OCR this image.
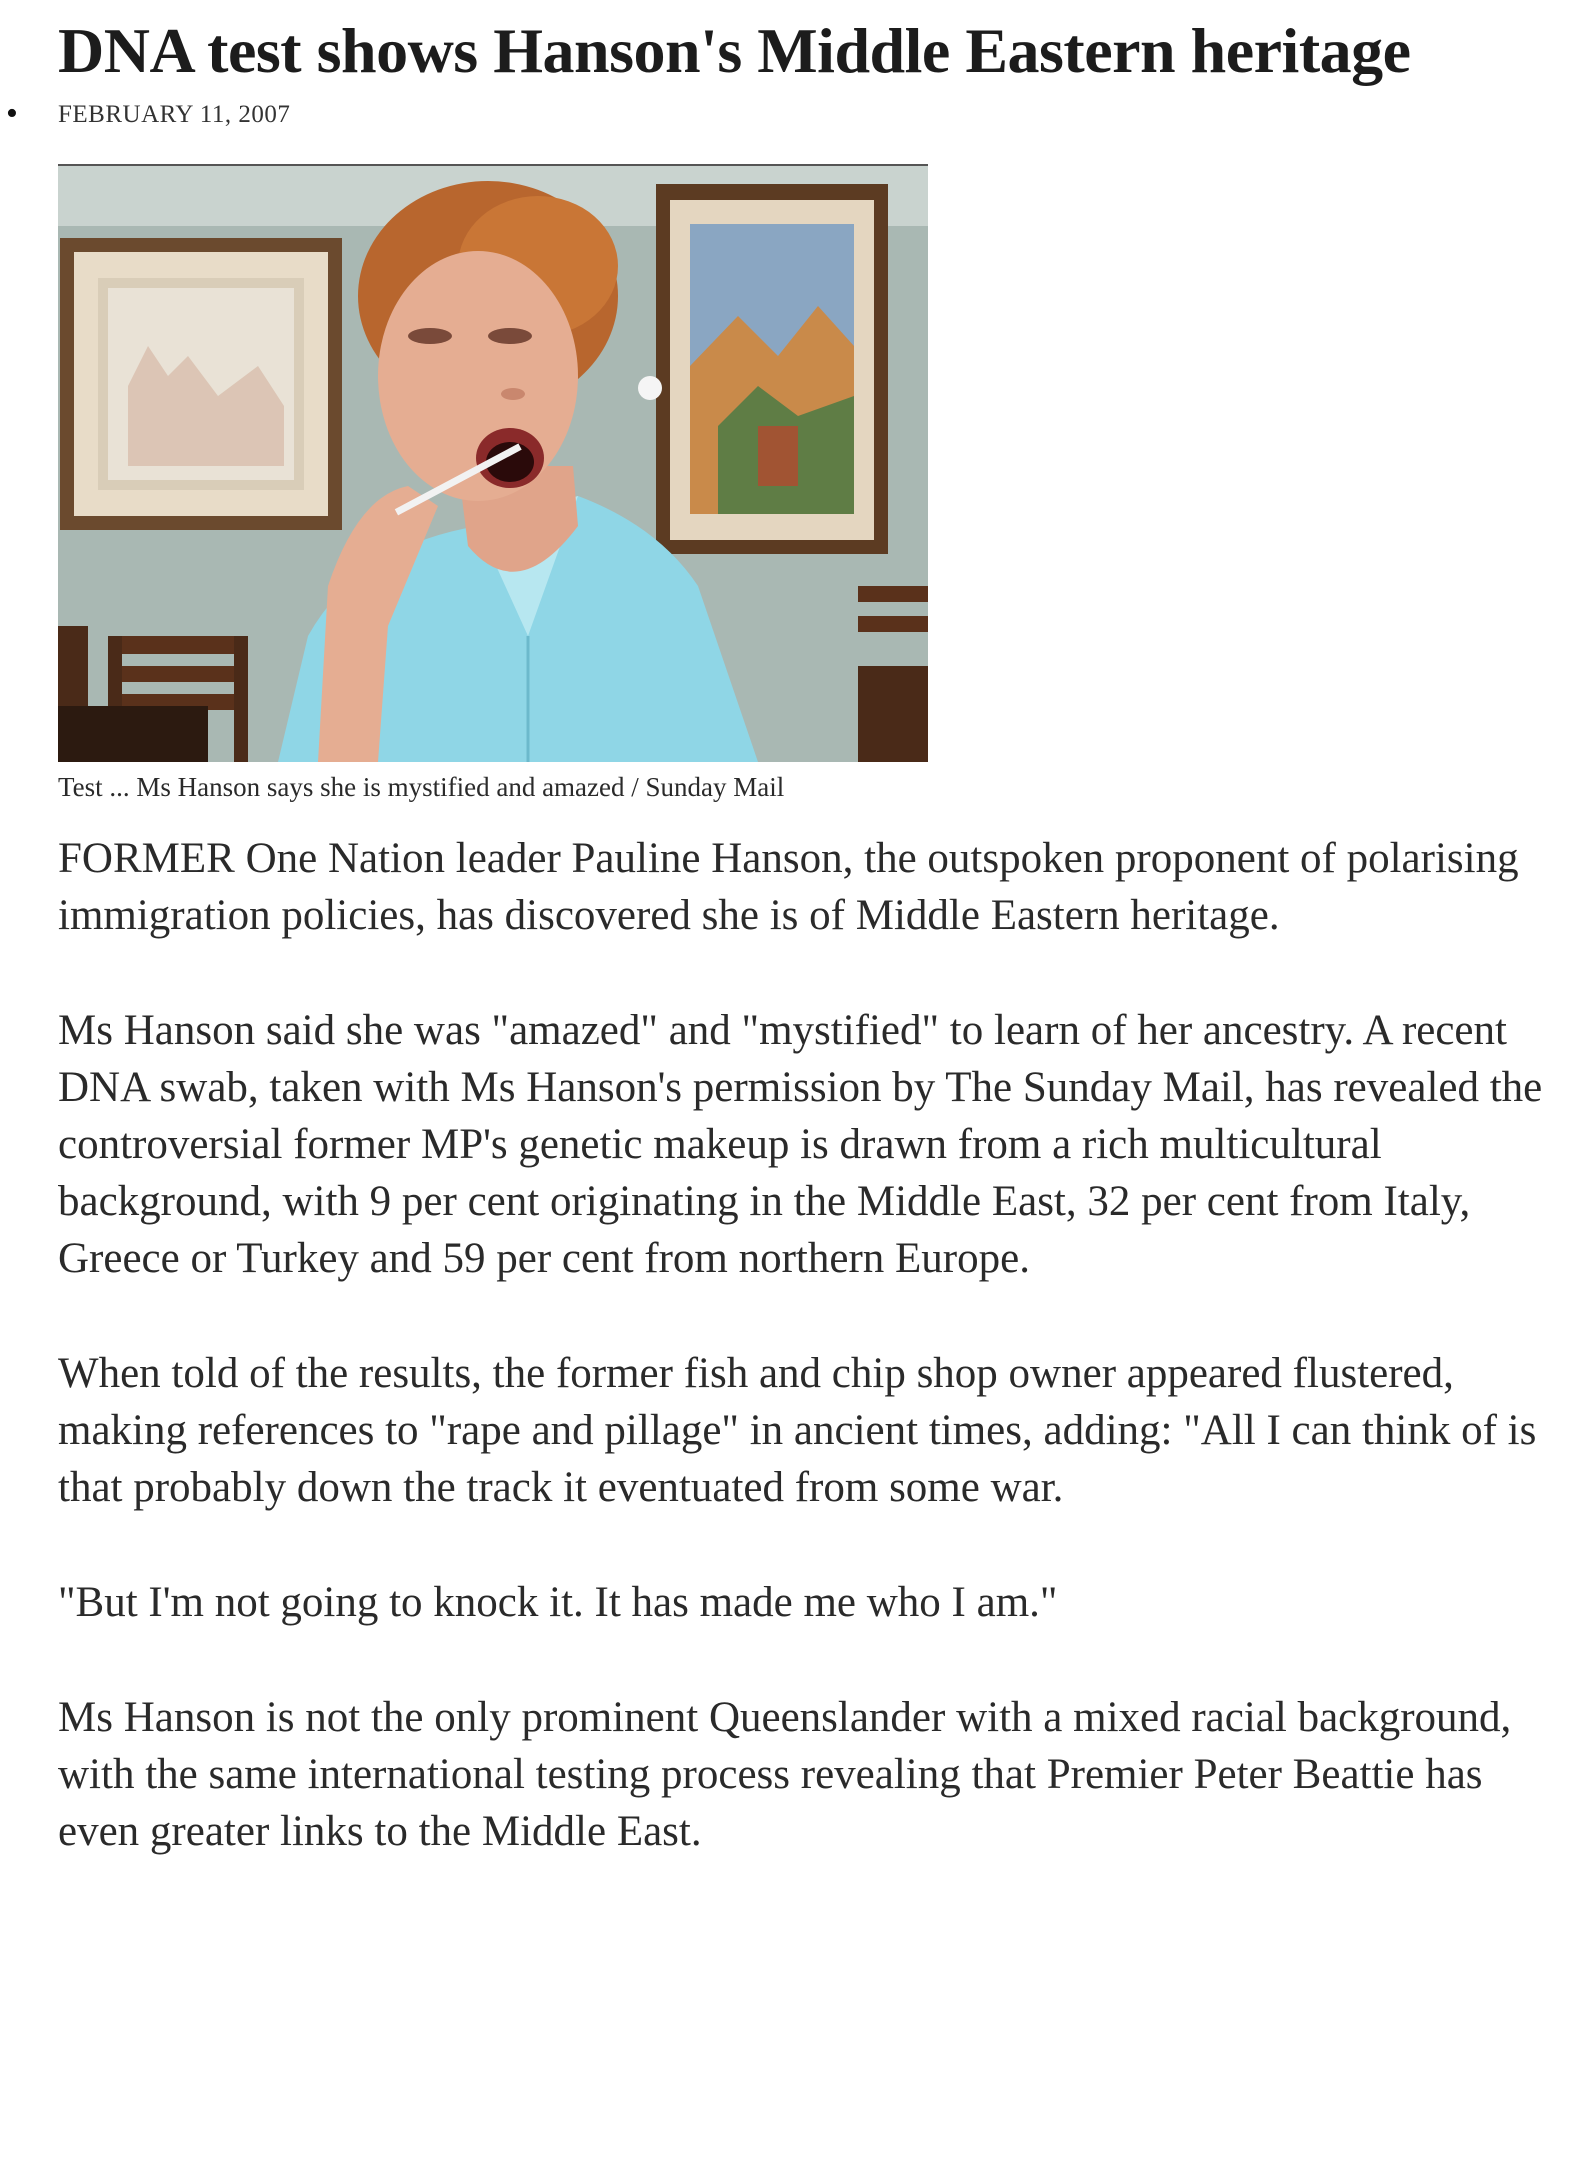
DNA test shows Hanson's Middle Eastern heritage
• FEBRUARY 11, 2007
Test ... Ms Hanson says she is mystified and amazed / Sunday Mail

FORMER One Nation leader Pauline Hanson, the outspoken proponent of polarising immigration policies, has discovered she is of Middle Eastern heritage.

Ms Hanson said she was "amazed" and "mystified" to learn of her ancestry. A recent DNA swab, taken with Ms Hanson's permission by The Sunday Mail, has revealed the controversial former MP's genetic makeup is drawn from a rich multicultural background, with 9 per cent originating in the Middle East, 32 per cent from Italy, Greece or Turkey and 59 per cent from northern Europe.

When told of the results, the former fish and chip shop owner appeared flustered, making references to "rape and pillage" in ancient times, adding: "All I can think of is that probably down the track it eventuated from some war.

"But I'm not going to knock it. It has made me who I am."

Ms Hanson is not the only prominent Queenslander with a mixed racial background, with the same international testing process revealing that Premier Peter Beattie has even greater links to the Middle East.
